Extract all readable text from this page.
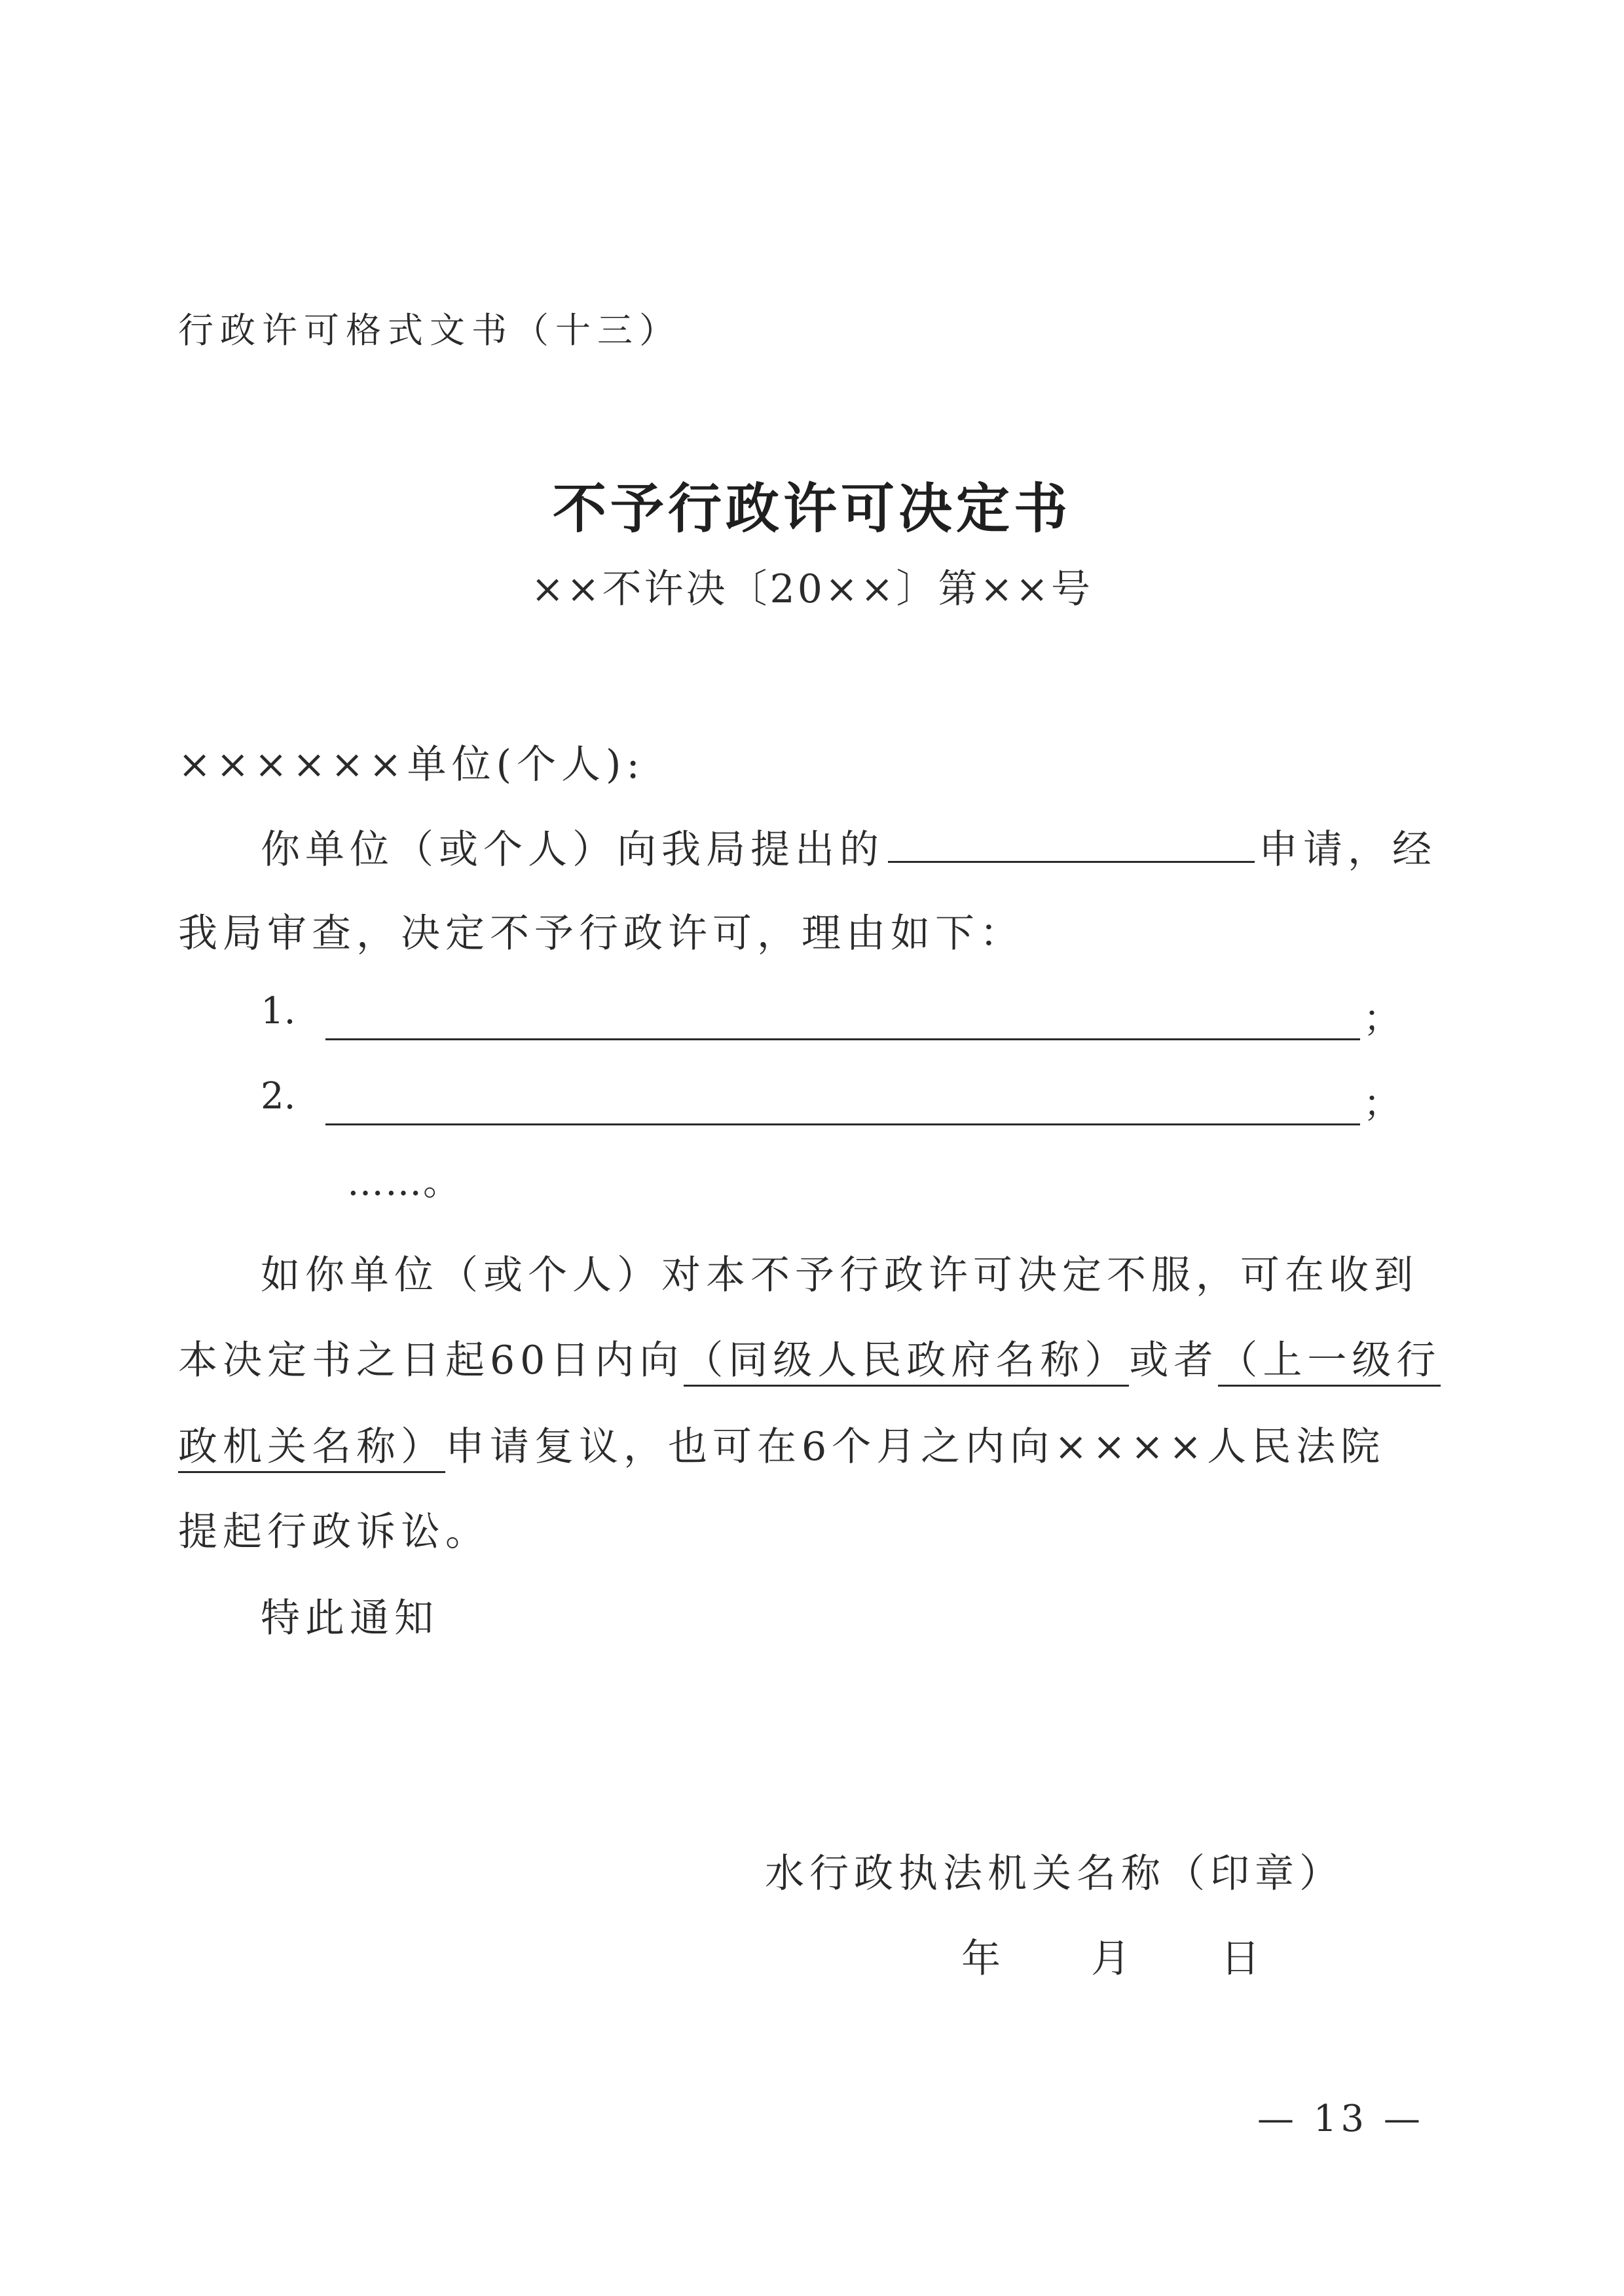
行政许可格式文书（十三）
不予行政许可决定书
××不许决〔20××〕第××号
××××××单位(个人):
你单位（或个人）向我局提出的	申请，经
我局审查，决定不予行政许可，理由如下：
1.	；
2.	；
……。
如你单位（或个人）对本不予行政许可决定不服，可在收到
本决定书之日起60日内向（同级人民政府名称）或者（上一级行
政机关名称）申请复议，也可在6个月之内向××××人民法院
提起行政诉讼。
特此通知
水行政执法机关名称（印章）
年 月 日
— 13 —
